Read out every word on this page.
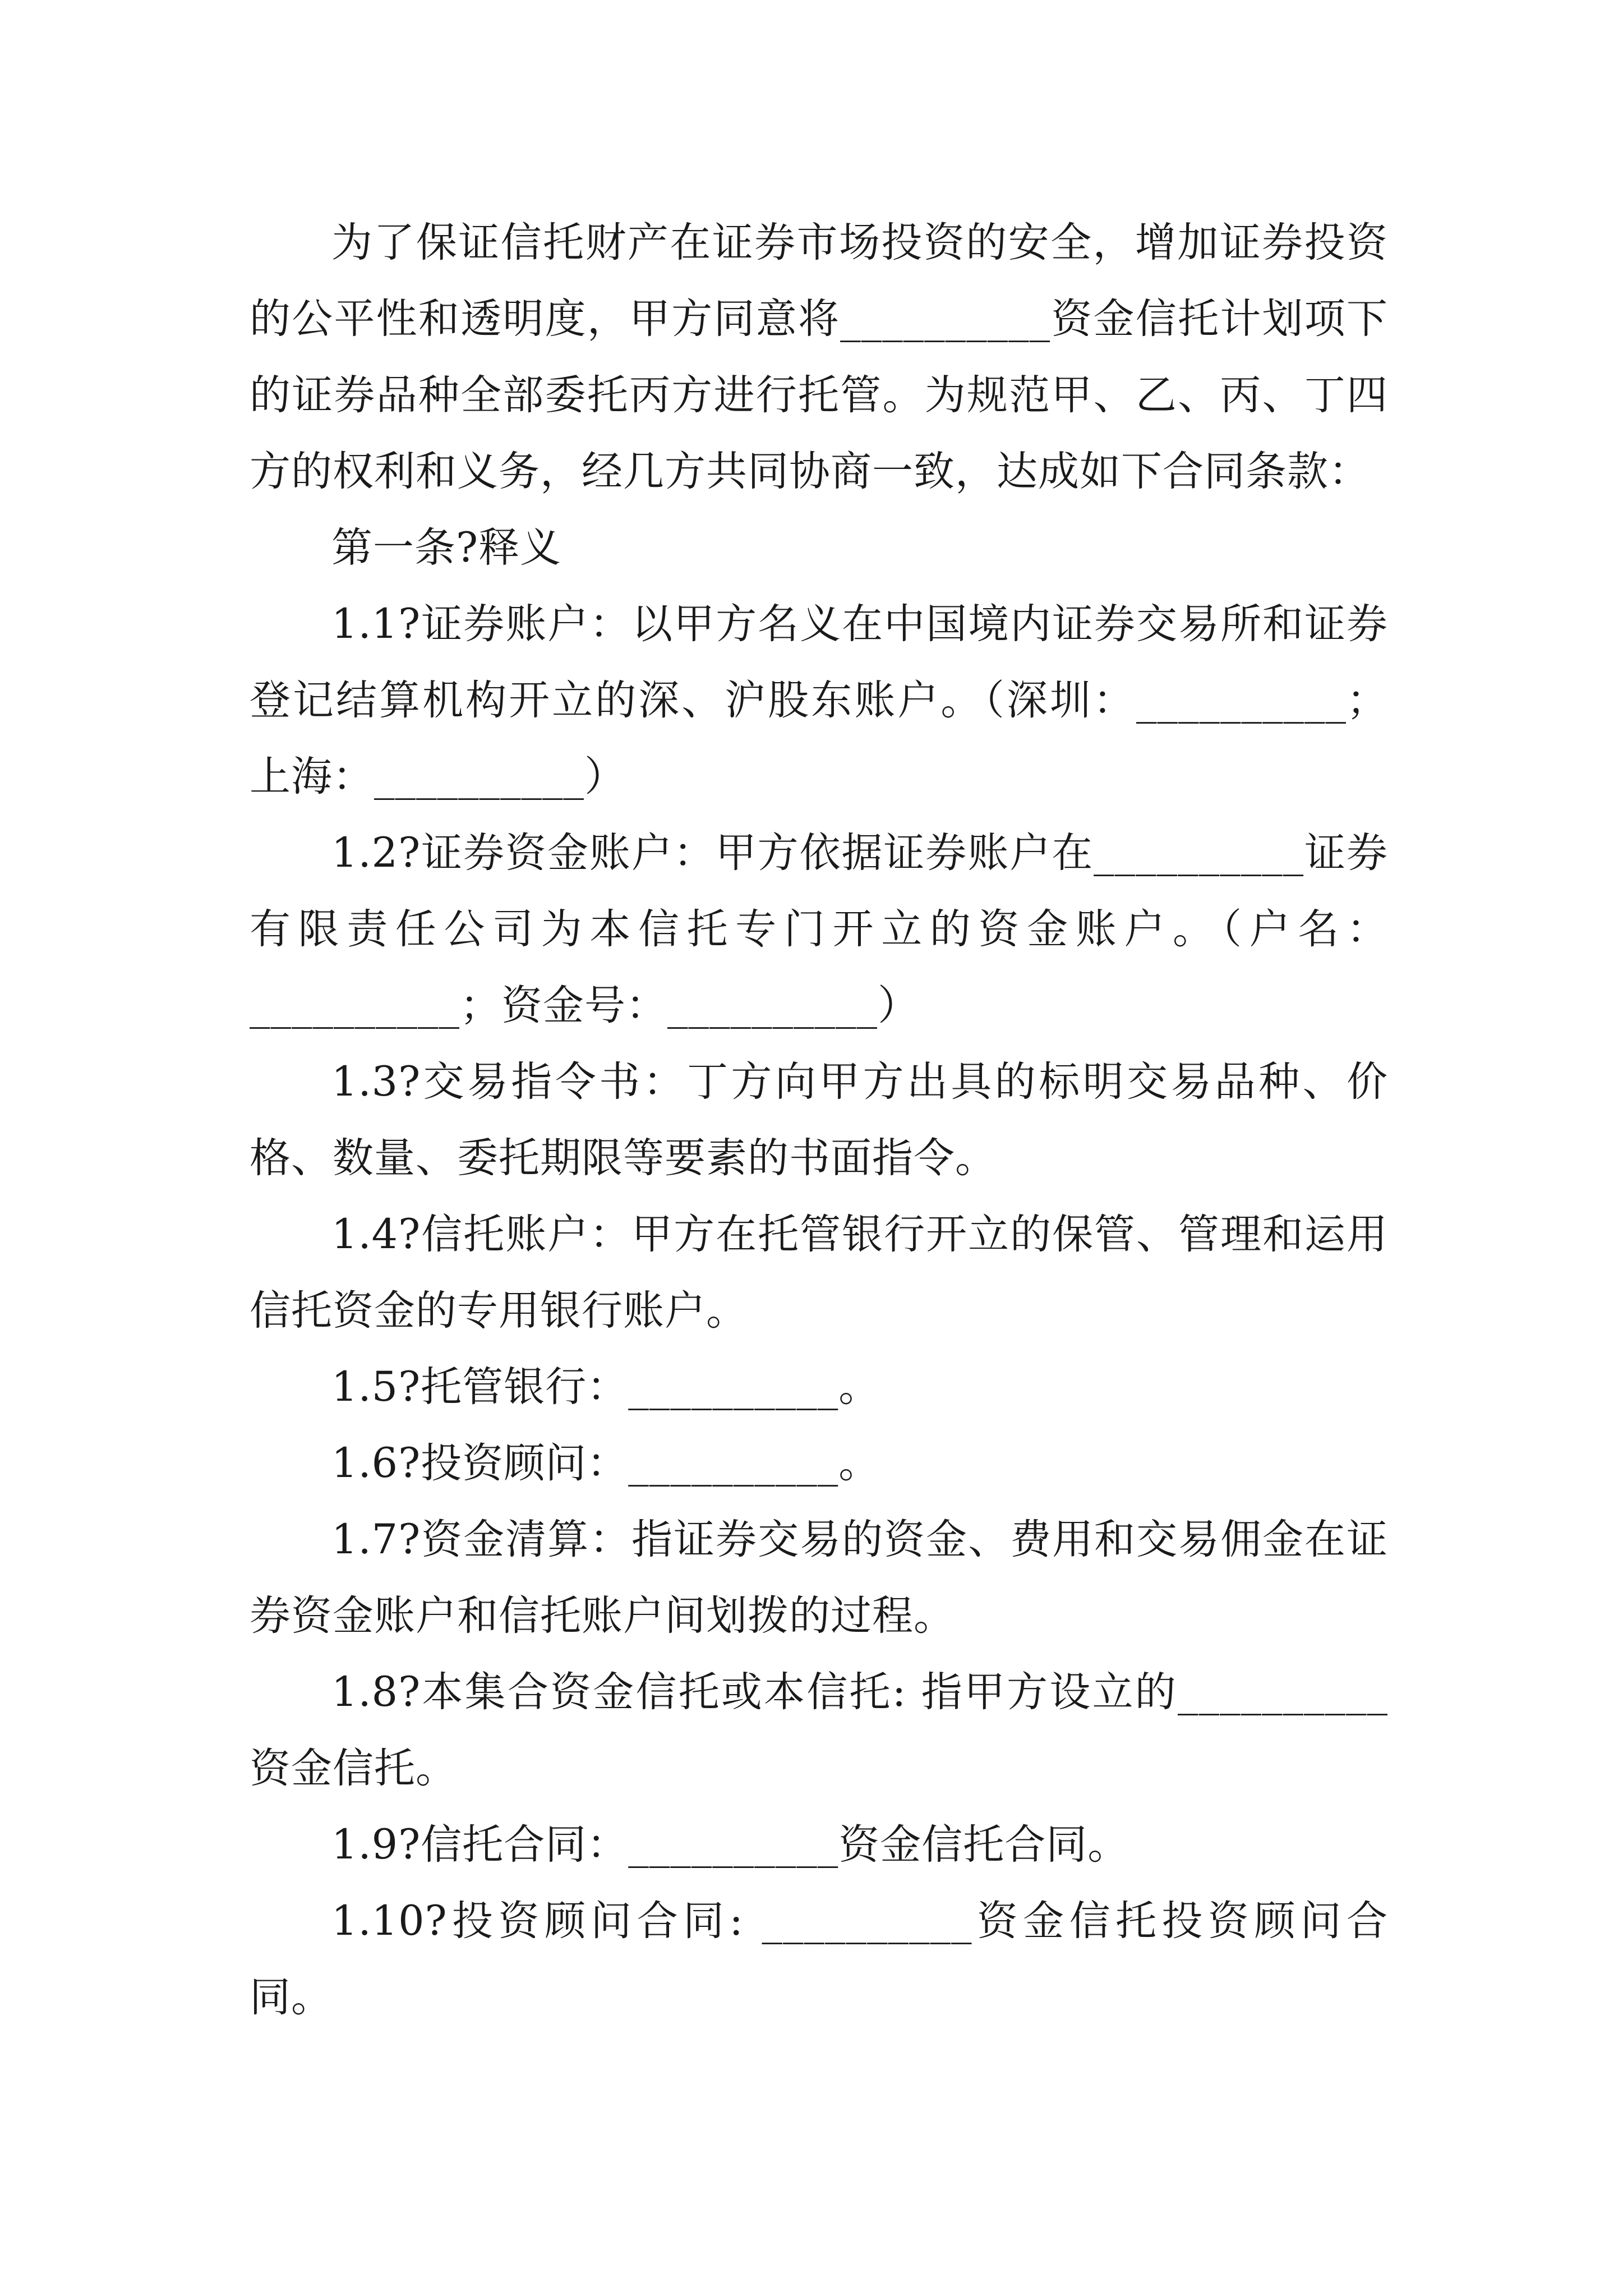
为了保证信托财产在证券市场投资的安全，增加证券投资的公平性和透明度，甲方同意将__________资金信托计划项下的证券品种全部委托丙方进行托管。为规范甲、乙、丙、丁四方的权利和义务，经几方共同协商一致，达成如下合同条款：

第一条?释义

1.1?证券账户：以甲方名义在中国境内证券交易所和证券登记结算机构开立的深、沪股东账户。（深圳：__________；上海：__________）

1.2?证券资金账户：甲方依据证券账户在__________证券有限责任公司为本信托专门开立的资金账户。（户名：__________；资金号：__________）

1.3?交易指令书：丁方向甲方出具的标明交易品种、价格、数量、委托期限等要素的书面指令。

1.4?信托账户：甲方在托管银行开立的保管、管理和运用信托资金的专用银行账户。

1.5?托管银行：__________。

1.6?投资顾问：__________。

1.7?资金清算：指证券交易的资金、费用和交易佣金在证券资金账户和信托账户间划拨的过程。

1.8?本集合资金信托或本信托: 指甲方设立的__________资金信托。

1.9?信托合同：__________资金信托合同。

1.10?投资顾问合同: __________资金信托投资顾问合同。
